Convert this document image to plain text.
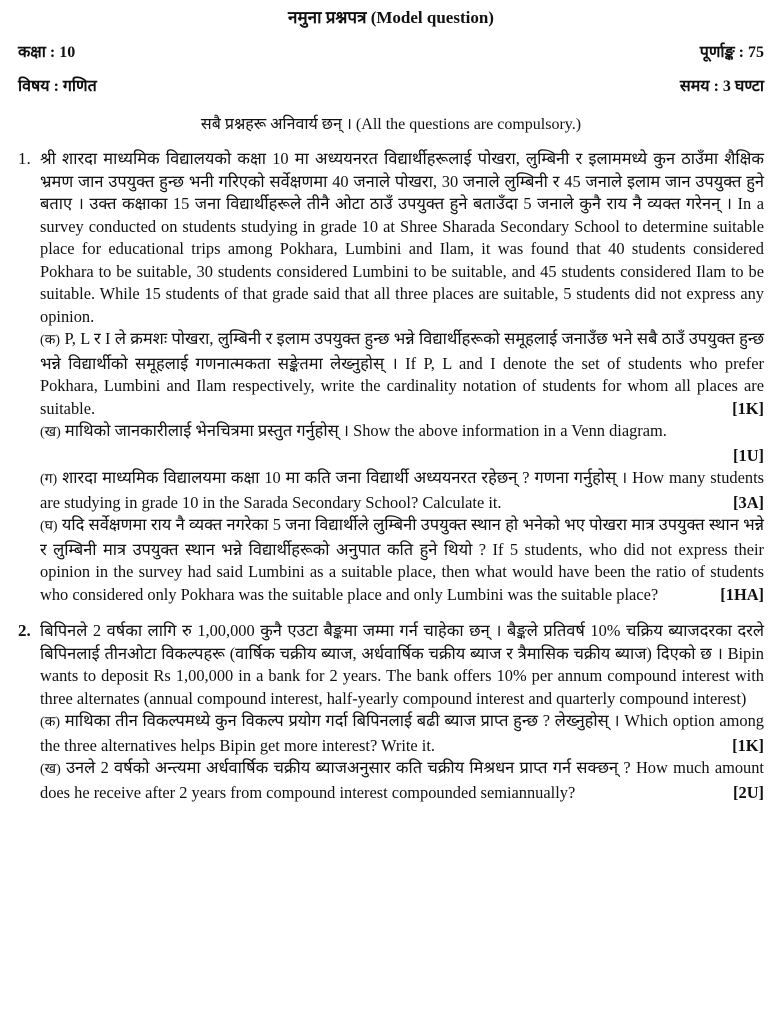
नमुना प्रश्नपत्र (Model question)
कक्षा : 10	पूर्णाङ्क : 75
विषय : गणित	समय : 3 घण्टा
सबै प्रश्नहरू अनिवार्य छन् । (All the questions are compulsory.)
1. श्री शारदा माध्यमिक विद्यालयको कक्षा 10 मा अध्ययनरत विद्यार्थीहरूलाई पोखरा, लुम्बिनी र इलाममध्ये कुन ठाउँमा शैक्षिक भ्रमण जान उपयुक्त हुन्छ भनी गरिएको सर्वेक्षणमा 40 जनाले पोखरा, 30 जनाले लुम्बिनी र 45 जनाले इलाम जान उपयुक्त हुने बताए । उक्त कक्षाका 15 जना विद्यार्थीहरूले तीनै ओटा ठाउँ उपयुक्त हुने बताउँदा 5 जनाले कुनै राय नै व्यक्त गरेनन् । In a survey conducted on students studying in grade 10 at Shree Sharada Secondary School to determine suitable place for educational trips among Pokhara, Lumbini and Ilam, it was found that 40 students considered Pokhara to be suitable, 30 students considered Lumbini to be suitable, and 45 students considered Ilam to be suitable. While 15 students of that grade said that all three places are suitable, 5 students did not express any opinion.
(क) P, L र I ले क्रमशः पोखरा, लुम्बिनी र इलाम उपयुक्त हुन्छ भन्ने विद्यार्थीहरूको समूहलाई जनाउँछ भने सबै ठाउँ उपयुक्त हुन्छ भन्ने विद्यार्थीको समूहलाई गणनात्मकता सङ्केतमा लेख्नुहोस् । If P, L and I denote the set of students who prefer Pokhara, Lumbini and Ilam respectively, write the cardinality notation of students for whom all places are suitable.	[1K]
(ख) माथिको जानकारीलाई भेनचित्रमा प्रस्तुत गर्नुहोस् । Show the above information in a Venn diagram.
[1U]
(ग) शारदा माध्यमिक विद्यालयमा कक्षा 10 मा कति जना विद्यार्थी अध्ययनरत रहेछन् ? गणना गर्नुहोस् । How many students are studying in grade 10 in the Sarada Secondary School? Calculate it.	[3A]
(घ) यदि सर्वेक्षणमा राय नै व्यक्त नगरेका 5 जना विद्यार्थीले लुम्बिनी उपयुक्त स्थान हो भनेको भए पोखरा मात्र उपयुक्त स्थान भन्ने र लुम्बिनी मात्र उपयुक्त स्थान भन्ने विद्यार्थीहरूको अनुपात कति हुने थियो ? If 5 students, who did not express their opinion in the survey had said Lumbini as a suitable place, then what would have been the ratio of students who considered only Pokhara was the suitable place and only Lumbini was the suitable place?	[1HA]
2. बिपिनले 2 वर्षका लागि रु 1,00,000 कुनै एउटा बैङ्कमा जम्मा गर्न चाहेका छन् । बैङ्कले प्रतिवर्ष 10% चक्रिय ब्याजदरका दरले बिपिनलाई तीनओटा विकल्पहरू (वार्षिक चक्रीय ब्याज, अर्धवार्षिक चक्रीय ब्याज र त्रैमासिक चक्रीय ब्याज) दिएको छ । Bipin wants to deposit Rs 1,00,000 in a bank for 2 years. The bank offers 10% per annum compound interest with three alternates (annual compound interest, half-yearly compound interest and quarterly compound interest)
(क) माथिका तीन विकल्पमध्ये कुन विकल्प प्रयोग गर्दा बिपिनलाई बढी ब्याज प्राप्त हुन्छ ? लेख्नुहोस् । Which option among the three alternatives helps Bipin get more interest? Write it.	[1K]
(ख) उनले 2 वर्षको अन्त्यमा अर्धवार्षिक चक्रीय ब्याजअनुसार कति चक्रीय मिश्रधन प्राप्त गर्न सक्छन् ? How much amount does he receive after 2 years from compound interest compounded semiannually?	[2U]
